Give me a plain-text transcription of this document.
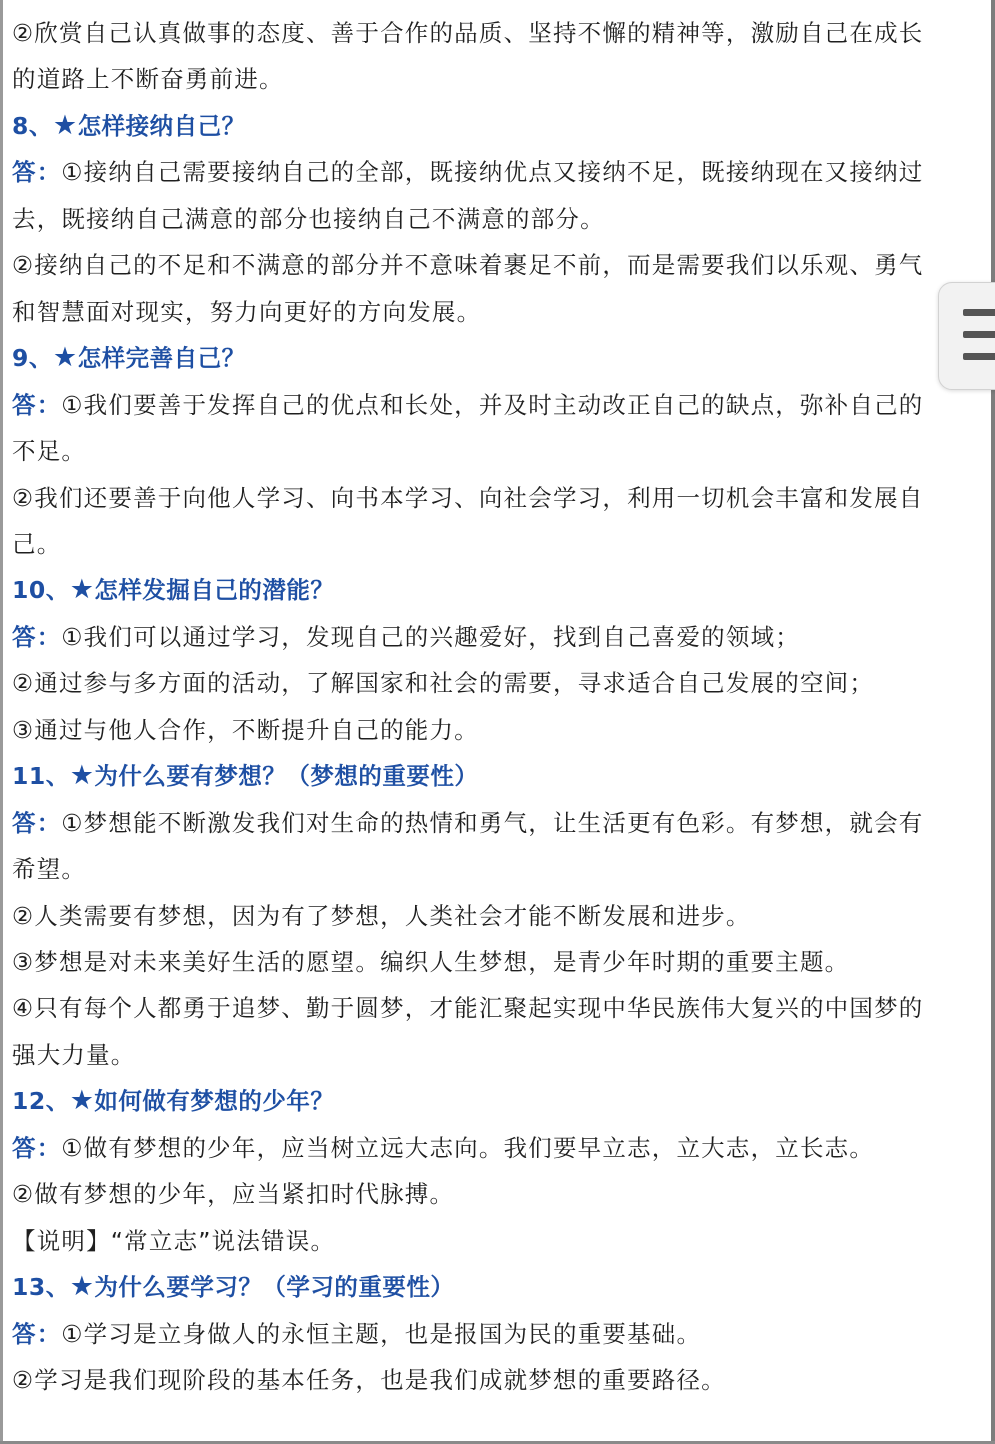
②欣赏自己认真做事的态度、善于合作的品质、坚持不懈的精神等，激励自己在成长
的道路上不断奋勇前进。
8、★怎样接纳自己？
答：①接纳自己需要接纳自己的全部，既接纳优点又接纳不足，既接纳现在又接纳过
去，既接纳自己满意的部分也接纳自己不满意的部分。
②接纳自己的不足和不满意的部分并不意味着裹足不前，而是需要我们以乐观、勇气
和智慧面对现实，努力向更好的方向发展。
9、★怎样完善自己？
答：①我们要善于发挥自己的优点和长处，并及时主动改正自己的缺点，弥补自己的
不足。
②我们还要善于向他人学习、向书本学习、向社会学习，利用一切机会丰富和发展自
己。
10、★怎样发掘自己的潜能？
答：①我们可以通过学习，发现自己的兴趣爱好，找到自己喜爱的领域；
②通过参与多方面的活动，了解国家和社会的需要，寻求适合自己发展的空间；
③通过与他人合作，不断提升自己的能力。
11、★为什么要有梦想？（梦想的重要性）
答：①梦想能不断激发我们对生命的热情和勇气，让生活更有色彩。有梦想，就会有
希望。
②人类需要有梦想，因为有了梦想，人类社会才能不断发展和进步。
③梦想是对未来美好生活的愿望。编织人生梦想，是青少年时期的重要主题。
④只有每个人都勇于追梦、勤于圆梦，才能汇聚起实现中华民族伟大复兴的中国梦的
强大力量。
12、★如何做有梦想的少年？
答：①做有梦想的少年，应当树立远大志向。我们要早立志，立大志，立长志。
②做有梦想的少年，应当紧扣时代脉搏。
【说明】“常立志”说法错误。
13、★为什么要学习？（学习的重要性）
答：①学习是立身做人的永恒主题，也是报国为民的重要基础。
②学习是我们现阶段的基本任务，也是我们成就梦想的重要路径。
